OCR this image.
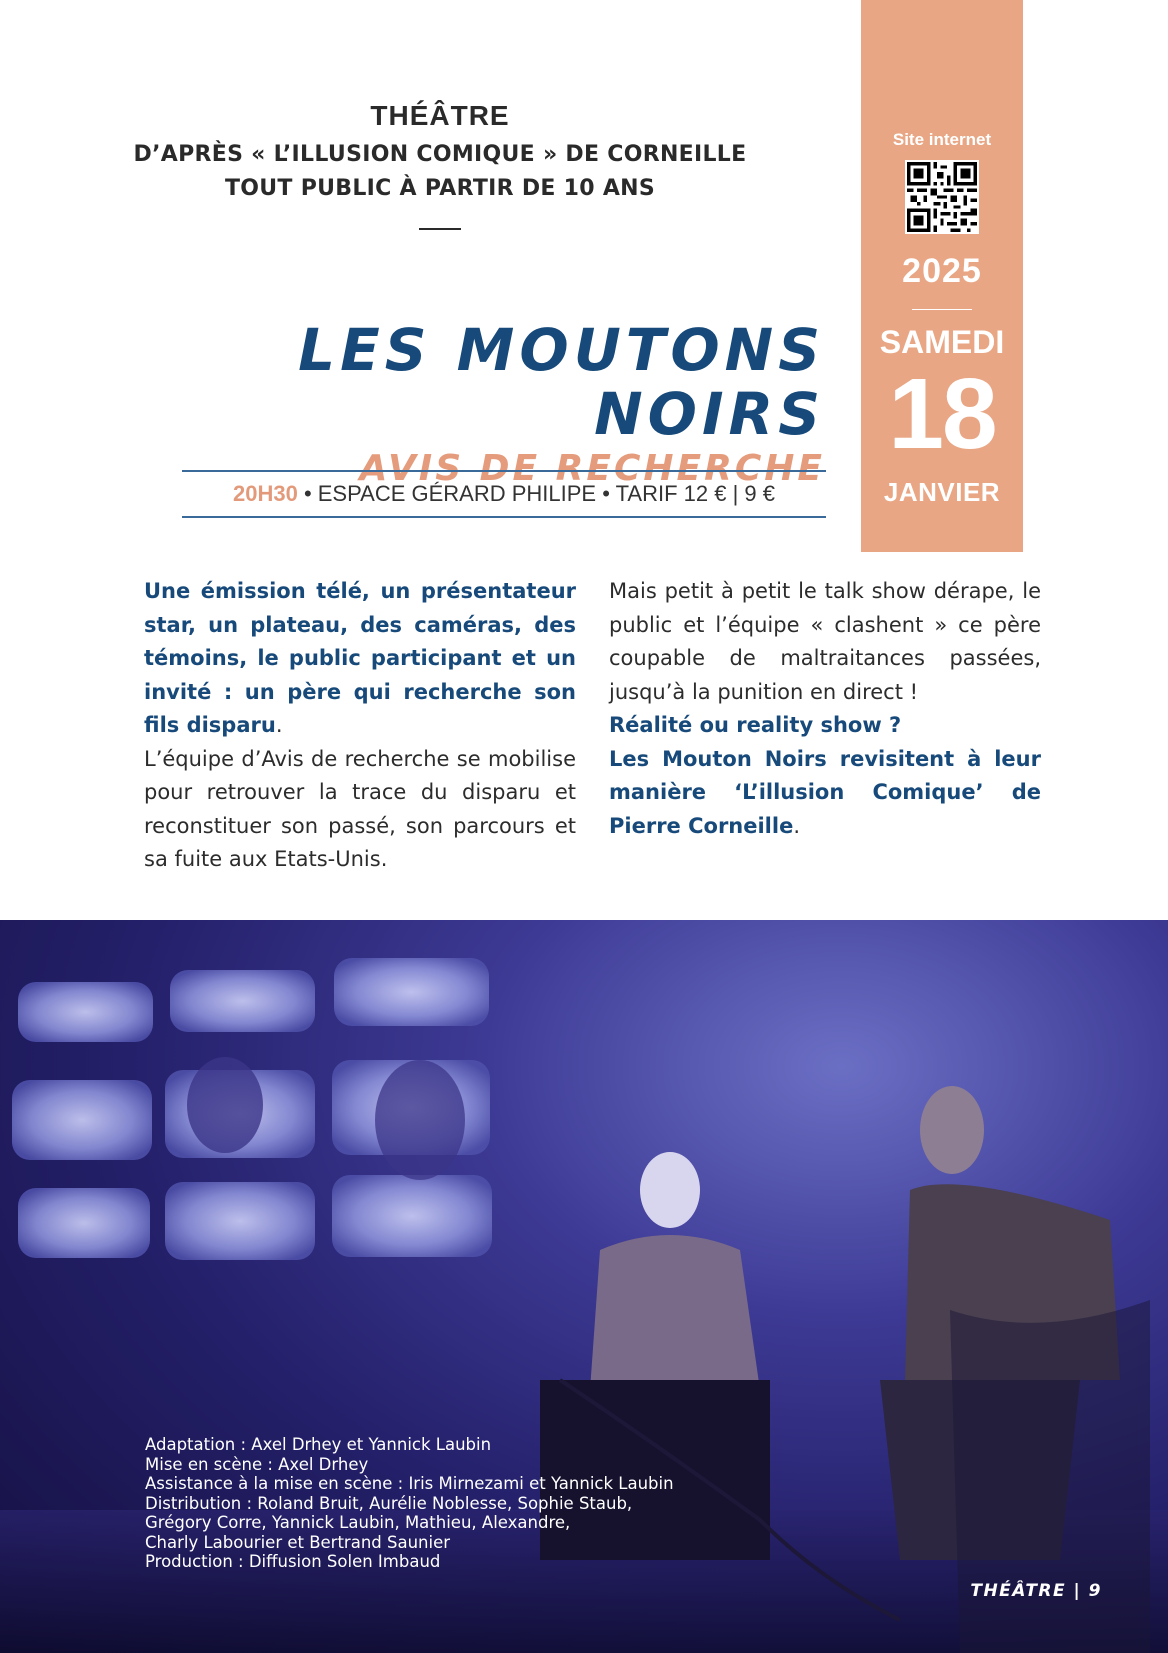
THÉÂTRE
D’APRÈS « L’ILLUSION COMIQUE » DE CORNEILLE
TOUT PUBLIC À PARTIR DE 10 ANS
LES MOUTONS NOIRS
AVIS DE RECHERCHE
20H30 • ESPACE GÉRARD PHILIPE • TARIF 12 € | 9 €
Site internet
2025
SAMEDI
18
JANVIER

Une émission télé, un présentateur star, un plateau, des caméras, des témoins, le public participant et un invité : un père qui recherche son fils disparu.

L’équipe d’Avis de recherche se mobilise pour retrouver la trace du disparu et reconstituer son passé, son parcours et sa fuite aux Etats-Unis.

Mais petit à petit le talk show dérape, le public et l’équipe « clashent » ce père coupable de maltraitances passées, jusqu’à la punition en direct !

Réalité ou reality show ?

Les Mouton Noirs revisitent à leur manière ‘L’illusion Comique’ de Pierre Corneille.

Adaptation : Axel Drhey et Yannick Laubin
Mise en scène : Axel Drhey
Assistance à la mise en scène : Iris Mirnezami et Yannick Laubin
Distribution : Roland Bruit, Aurélie Noblesse, Sophie Staub,
Grégory Corre, Yannick Laubin, Mathieu, Alexandre,
Charly Labourier et Bertrand Saunier
Production : Diffusion Solen Imbaud
THÉÂTRE | 9
